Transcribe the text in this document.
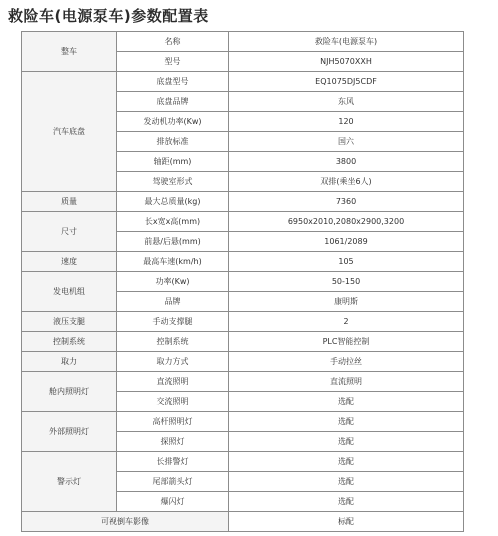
救险车(电源泵车)参数配置表
整车	名称	救险车(电源泵车)
	型号	NJH5070XXH
汽车底盘	底盘型号	EQ1075DJ5CDF
	底盘品牌	东风
	发动机功率(Kw)	120
	排放标准	国六
	轴距(mm)	3800
	驾驶室形式	双排(乘坐6人)
质量	最大总质量(kg)	7360
尺寸	长x宽x高(mm)	6950x2010,2080x2900,3200
	前悬/后悬(mm)	1061/2089
速度	最高车速(km/h)	105
发电机组	功率(Kw)	50-150
	品牌	康明斯
液压支腿	手动支撑腿	2
控制系统	控制系统	PLC智能控制
取力	取力方式	手动拉丝
舱内照明灯	直流照明	直流照明
	交流照明	选配
外部照明灯	高杆照明灯	选配
	探照灯	选配
警示灯	长排警灯	选配
	尾部箭头灯	选配
	爆闪灯	选配
可视倒车影像		标配
